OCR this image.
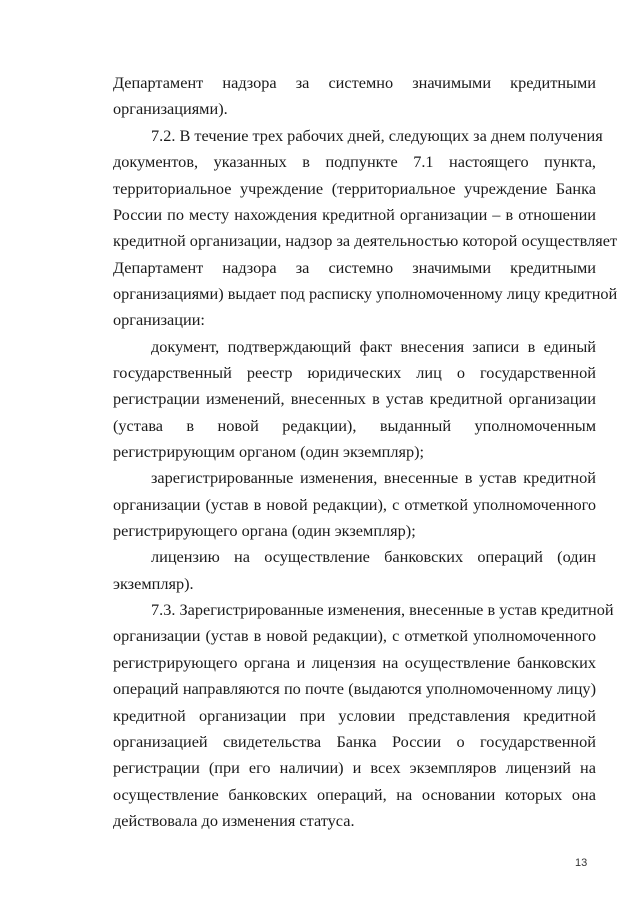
Департамент надзора за системно значимыми кредитными
организациями).
7.2. В течение трех рабочих дней, следующих за днем получения
документов, указанных в подпункте 7.1 настоящего пункта,
территориальное учреждение (территориальное учреждение Банка
России по месту нахождения кредитной организации – в отношении
кредитной организации, надзор за деятельностью которой осуществляет
Департамент надзора за системно значимыми кредитными
организациями) выдает под расписку уполномоченному лицу кредитной
организации:
документ, подтверждающий факт внесения записи в единый
государственный реестр юридических лиц о государственной
регистрации изменений, внесенных в устав кредитной организации
(устава в новой редакции), выданный уполномоченным
регистрирующим органом (один экземпляр);
зарегистрированные изменения, внесенные в устав кредитной
организации (устав в новой редакции), с отметкой уполномоченного
регистрирующего органа (один экземпляр);
лицензию на осуществление банковских операций (один
экземпляр).
7.3. Зарегистрированные изменения, внесенные в устав кредитной
организации (устав в новой редакции), с отметкой уполномоченного
регистрирующего органа и лицензия на осуществление банковских
операций направляются по почте (выдаются уполномоченному лицу)
кредитной организации при условии представления кредитной
организацией свидетельства Банка России о государственной
регистрации (при его наличии) и всех экземпляров лицензий на
осуществление банковских операций, на основании которых она
действовала до изменения статуса.
13
